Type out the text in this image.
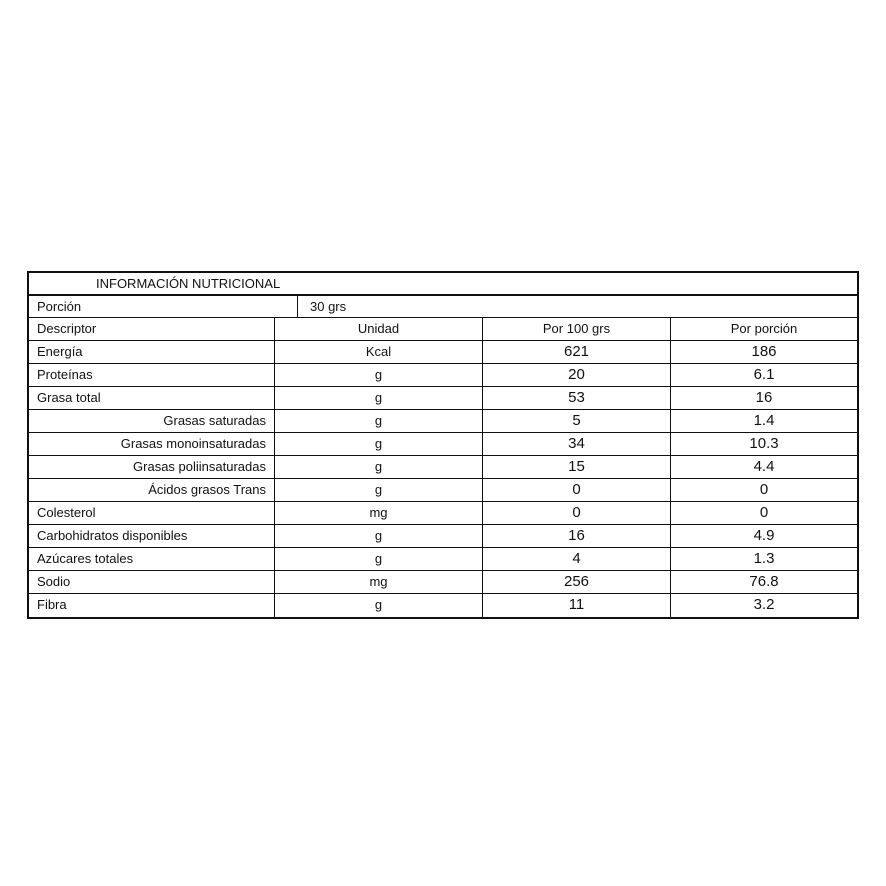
INFORMACIÓN NUTRICIONAL
Porción	30 grs
Descriptor	Unidad	Por 100 grs	Por porción
Energía	Kcal	621	186
Proteínas	g	20	6.1
Grasa total	g	53	16
Grasas saturadas	g	5	1.4
Grasas monoinsaturadas	g	34	10.3
Grasas poliinsaturadas	g	15	4.4
Ácidos grasos Trans	g	0	0
Colesterol	mg	0	0
Carbohidratos disponibles	g	16	4.9
Azúcares totales	g	4	1.3
Sodio	mg	256	76.8
Fibra	g	11	3.2
